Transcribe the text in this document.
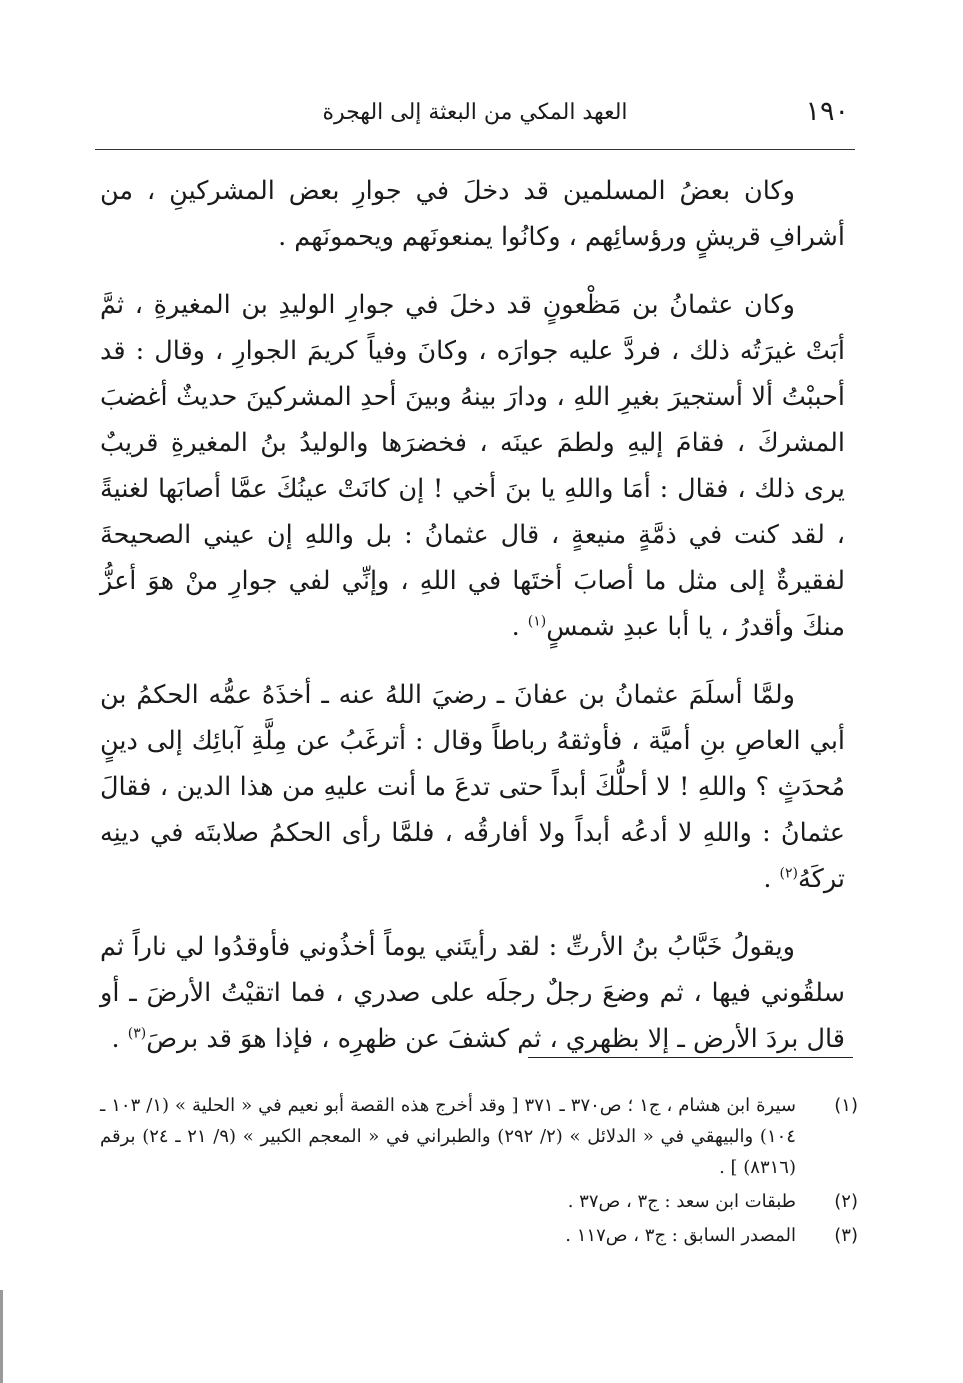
١٩٠
العهد المكي من البعثة إلى الهجرة

وكان بعضُ المسلمين قد دخلَ في جوارِ بعض المشركينِ ، من أشرافِ قريشٍ ورؤسائِهم ، وكانُوا يمنعونَهم ويحمونَهم .

وكان عثمانُ بن مَظْعونٍ قد دخلَ في جوارِ الوليدِ بن المغيرةِ ، ثمَّ أبَتْ غيرَتُه ذلك ، فردَّ عليه جوارَه ، وكانَ وفياً كريمَ الجوارِ ، وقال : قد أحببْتُ ألا أستجيرَ بغيرِ اللهِ ، ودارَ بينهُ وبينَ أحدِ المشركينَ حديثٌ أغضبَ المشركَ ، فقامَ إليهِ ولطمَ عينَه ، فخضرَها والوليدُ بنُ المغيرةِ قريبٌ يرى ذلك ، فقال : أمَا واللهِ يا بنَ أخي ! إن كانَتْ عينُكَ عمَّا أصابَها لغنيةً ، لقد كنت في ذمَّةٍ منيعةٍ ، قال عثمانُ : بل واللهِ إن عيني الصحيحةَ لفقيرةٌ إلى مثل ما أصابَ أختَها في اللهِ ، وإنِّي لفي جوارِ منْ هوَ أعزُّ منكَ وأقدرُ ، يا أبا عبدِ شمسٍ$^{(١)}$ .

ولمَّا أسلَمَ عثمانُ بن عفانَ ـ رضيَ اللهُ عنه ـ أخذَهُ عمُّه الحكمُ بن أبي العاصِ بنِ أميَّة ، فأوثقهُ رباطاً وقال : أترغَبُ عن مِلَّةِ آبائِك إلى دينٍ مُحدَثٍ ؟ واللهِ ! لا أحلُّكَ أبداً حتى تدعَ ما أنت عليهِ من هذا الدين ، فقالَ عثمانُ : واللهِ لا أدعُه أبداً ولا أفارقُه ، فلمَّا رأى الحكمُ صلابتَه في دينِه تركَهُ$^{(٢)}$ .

ويقولُ خَبَّابُ بنُ الأرتِّ : لقد رأيتَني يوماً أخذُوني فأوقدُوا لي ناراً ثم سلقُوني فيها ، ثم وضعَ رجلٌ رجلَه على صدري ، فما اتقيْتُ الأرضَ ـ أو قال بردَ الأرض ـ إلا بظهري ، ثم كشفَ عن ظهرِه ، فإذا هوَ قد برصَ$^{(٣)}$ .

(١)
سيرة ابن هشام ، ج١ ؛ ص٣٧٠ ـ ٣٧١ [ وقد أخرج هذه القصة أبو نعيم في « الحلية » (١/ ١٠٣ ـ ١٠٤) والبيهقي في « الدلائل » (٢/ ٢٩٢) والطبراني في « المعجم الكبير » (٩/ ٢١ ـ ٢٤) برقم (٨٣١٦) ] .
(٢)
طبقات ابن سعد : ج٣ ، ص٣٧ .
(٣)
المصدر السابق : ج٣ ، ص١١٧ .
